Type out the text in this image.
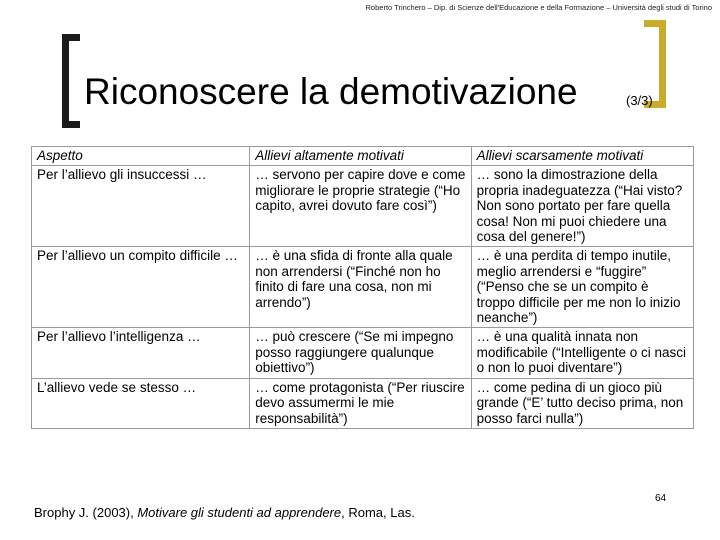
Roberto Trinchero – Dip. di Scienze dell'Educazione e della Formazione – Università degli studi di Torino
Riconoscere la demotivazione	(3/3)
Aspetto	Allievi altamente motivati	Allievi scarsamente motivati
Per l’allievo gli insuccessi …	… servono per capire dove e come migliorare le proprie strategie (“Ho capito, avrei dovuto fare così”)	… sono la dimostrazione della propria inadeguatezza (“Hai visto? Non sono portato per fare quella cosa! Non mi puoi chiedere una cosa del genere!”)
Per l’allievo un compito difficile …	… è una sfida di fronte alla quale non arrendersi (“Finché non ho finito di fare una cosa, non mi arrendo”)	… è una perdita di tempo inutile, meglio arrendersi e “fuggire” (“Penso che se un compito è troppo difficile per me non lo inizio neanche”)
Per l’allievo l’intelligenza …	… può crescere (“Se mi impegno posso raggiungere qualunque obiettivo”)	… è una qualità innata non modificabile (“Intelligente o ci nasci o non lo puoi diventare”)
L’allievo vede se stesso …	… come protagonista (“Per riuscire devo assumermi le mie responsabilità”)	… come pedina di un gioco più grande (“E’ tutto deciso prima, non posso farci nulla”)
Brophy J. (2003), Motivare gli studenti ad apprendere, Roma, Las.
64
